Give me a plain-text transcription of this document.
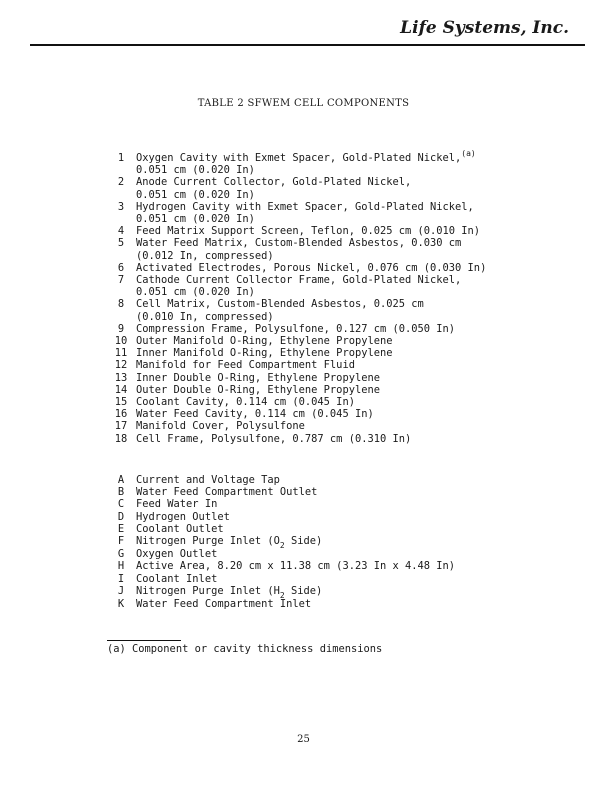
Life Systems, Inc.
TABLE 2 SFWEM CELL COMPONENTS
1	Oxygen Cavity with Exmet Spacer, Gold-Plated Nickel, (a)
0.051 cm (0.020 In)
2	Anode Current Collector, Gold-Plated Nickel,
0.051 cm (0.020 In)
3	Hydrogen Cavity with Exmet Spacer, Gold-Plated Nickel,
0.051 cm (0.020 In)
4	Feed Matrix Support Screen, Teflon, 0.025 cm (0.010 In)
5	Water Feed Matrix, Custom-Blended Asbestos, 0.030 cm
(0.012 In, compressed)
6	Activated Electrodes, Porous Nickel, 0.076 cm (0.030 In)
7	Cathode Current Collector Frame, Gold-Plated Nickel,
0.051 cm (0.020 In)
8	Cell Matrix, Custom-Blended Asbestos, 0.025 cm
(0.010 In, compressed)
9	Compression Frame, Polysulfone, 0.127 cm (0.050 In)
10 Outer Manifold O-Ring, Ethylene Propylene
11 Inner Manifold O-Ring, Ethylene Propylene
12 Manifold for Feed Compartment Fluid
13 Inner Double O-Ring, Ethylene Propylene
14 Outer Double O-Ring, Ethylene Propylene
15 Coolant Cavity, 0.114 cm (0.045 In)
16 Water Feed Cavity, 0.114 cm (0.045 In)
17 Manifold Cover, Polysulfone
18 Cell Frame, Polysulfone, 0.787 cm (0.310 In)
A	Current and Voltage Tap
B	Water Feed Compartment Outlet
C	Feed Water In
D	Hydrogen Outlet
E	Coolant Outlet
F	Nitrogen Purge Inlet ($O_2$ Side)
G	Oxygen Outlet
H	Active Area, 8.20 cm x 11.38 cm (3.23 In x 4.48 In)
I	Coolant Inlet
J	Nitrogen Purge Inlet ($H_2$ Side)
K	Water Feed Compartment Inlet
(a) Component or cavity thickness dimensions
25
